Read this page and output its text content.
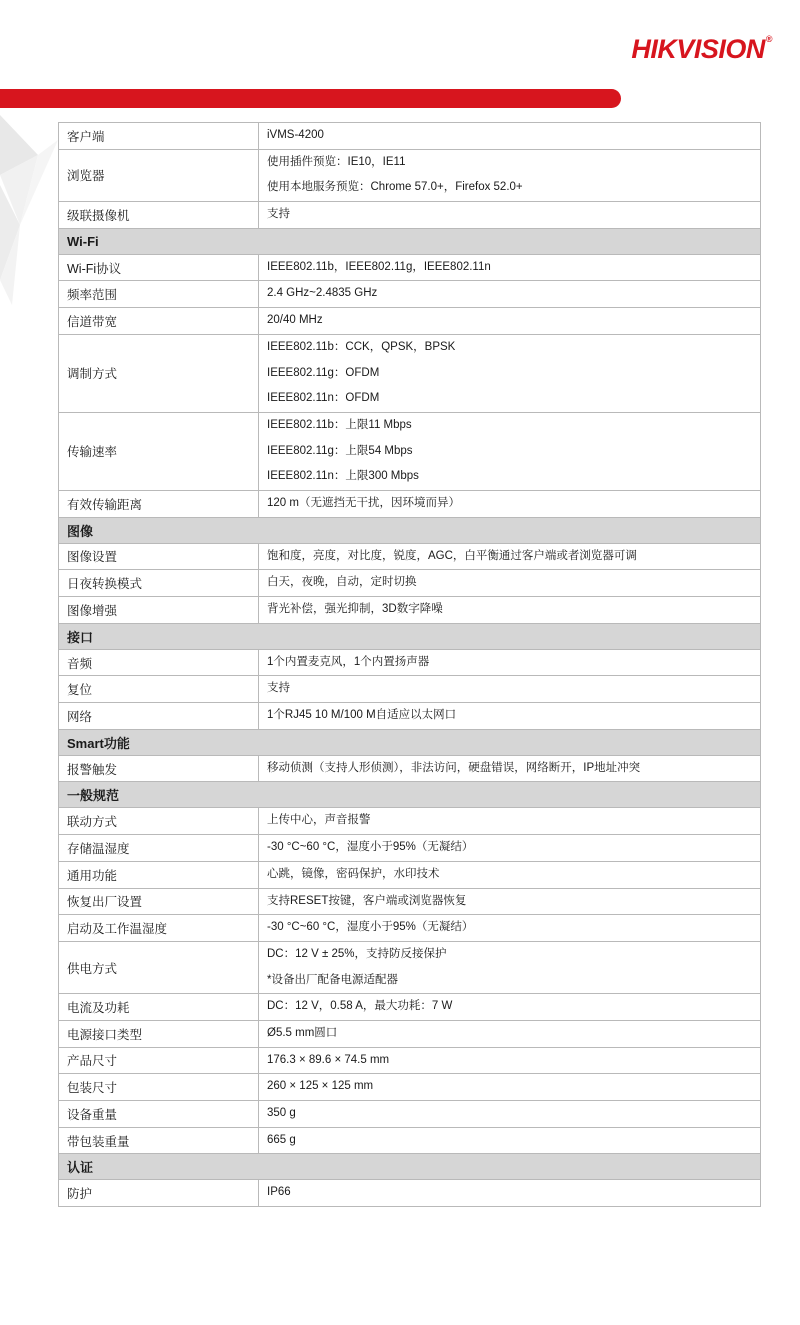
HIKVISION®
客户端	iVMS-4200

浏览器	使用插件预览：IE10，IE11
使用本地服务预览：Chrome 57.0+，Firefox 52.0+

级联摄像机	支持

Wi-Fi	
Wi-Fi协议	IEEE802.11b，IEEE802.11g，IEEE802.11n

频率范围	2.4 GHz~2.4835 GHz

信道带宽	20/40 MHz

调制方式	IEEE802.11b：CCK，QPSK，BPSK
IEEE802.11g：OFDM
IEEE802.11n：OFDM

传输速率	IEEE802.11b：上限11 Mbps
IEEE802.11g：上限54 Mbps
IEEE802.11n：上限300 Mbps

有效传输距离	120 m（无遮挡无干扰，因环境而异）

图像	
图像设置	饱和度，亮度，对比度，锐度，AGC，白平衡通过客户端或者浏览器可调

日夜转换模式	白天，夜晚，自动，定时切换

图像增强	背光补偿，强光抑制，3D数字降噪

接口	
音频	1个内置麦克风，1个内置扬声器

复位	支持

网络	1个RJ45 10 M/100 M自适应以太网口

Smart功能	
报警触发	移动侦测（支持人形侦测），非法访问，硬盘错误，网络断开，IP地址冲突

一般规范	
联动方式	上传中心，声音报警

存储温湿度	-30 °C~60 °C，湿度小于95%（无凝结）

通用功能	心跳，镜像，密码保护，水印技术

恢复出厂设置	支持RESET按键，客户端或浏览器恢复

启动及工作温湿度	-30 °C~60 °C，湿度小于95%（无凝结）

供电方式	DC：12 V ± 25%，支持防反接保护
*设备出厂配备电源适配器

电流及功耗	DC：12 V，0.58 A，最大功耗：7 W

电源接口类型	Ø5.5 mm圆口

产品尺寸	176.3 × 89.6 × 74.5 mm

包装尺寸	260 × 125 × 125 mm

设备重量	350 g

带包装重量	665 g

认证	
防护	IP66
